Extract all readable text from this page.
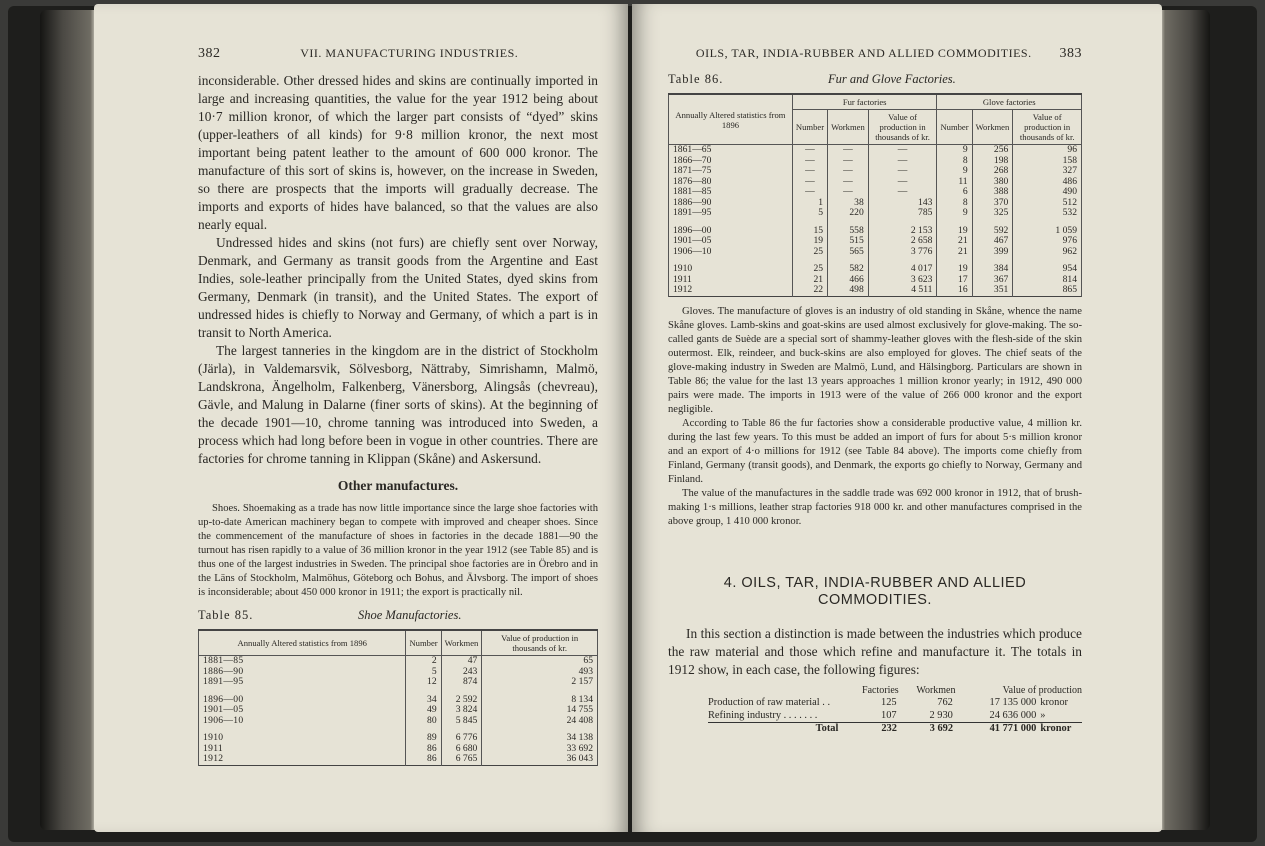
382	VII. MANUFACTURING INDUSTRIES.

inconsiderable. Other dressed hides and skins are continually imported in large and increasing quantities, the value for the year 1912 being about 10·7 million kronor, of which the larger part consists of “dyed” skins (upper-leathers of all kinds) for 9·8 million kronor, the next most important being patent leather to the amount of 600 000 kronor. The manufacture of this sort of skins is, however, on the increase in Sweden, so there are prospects that the imports will gradually decrease. The imports and exports of hides have balanced, so that the values are also nearly equal.

Undressed hides and skins (not furs) are chiefly sent over Norway, Denmark, and Germany as transit goods from the Argentine and East Indies, sole-leather principally from the United States, dyed skins from Germany, Denmark (in transit), and the United States. The export of undressed hides is chiefly to Norway and Germany, of which a part is in transit to North America.

The largest tanneries in the kingdom are in the district of Stockholm (Järla), in Valdemarsvik, Sölvesborg, Nättraby, Simrishamn, Malmö, Landskrona, Ängelholm, Falkenberg, Vänersborg, Alingsås (chevreau), Gävle, and Malung in Dalarne (finer sorts of skins). At the beginning of the decade 1901—10, chrome tanning was introduced into Sweden, a process which had long before been in vogue in other countries. There are factories for chrome tanning in Klippan (Skåne) and Askersund.

Other manufactures.

Shoes. Shoemaking as a trade has now little importance since the large shoe factories with up-to-date American machinery began to compete with improved and cheaper shoes. Since the commencement of the manufacture of shoes in factories in the decade 1881—90 the turnout has risen rapidly to a value of 36 million kronor in the year 1912 (see Table 85) and is thus one of the largest industries in Sweden. The principal shoe factories are in Örebro and in the Läns of Stockholm, Malmöhus, Göteborg och Bohus, and Älvsborg. The import of shoes is inconsiderable; about 450 000 kronor in 1911; the export is practically nil.

Table 85.	Shoe Manufactories.
Annually Altered statistics from 1896	Number	Workmen	Value of production in thousands of kr.
1881—85	2	47	65
1886—90	5	243	493
1891—95	12	874	2 157

1896—00	34	2 592	8 134
1901—05	49	3 824	14 755
1906—10	80	5 845	24 408

1910	89	6 776	34 138
1911	86	6 680	33 692
1912	86	6 765	36 043
OILS, TAR, INDIA-RUBBER AND ALLIED COMMODITIES. 383
Table 86.	Fur and Glove Factories.
Annually Altered statistics from 1896	Fur factories			Glove factories		
	Number	Workmen	Value of production in thousands of kr.	Number	Workmen	Value of production in thousands of kr.
1861—65	—	—	—	9	256	96
1866—70	—	—	—	8	198	158
1871—75	—	—	—	9	268	327
1876—80	—	—	—	11	380	486
1881—85	—	—	—	6	388	490
1886—90	1	38	143	8	370	512
1891—95	5	220	785	9	325	532

1896—00	15	558	2 153	19	592	1 059
1901—05	19	515	2 658	21	467	976
1906—10	25	565	3 776	21	399	962

1910	25	582	4 017	19	384	954
1911	21	466	3 623	17	367	814
1912	22	498	4 511	16	351	865

Gloves. The manufacture of gloves is an industry of old standing in Skåne, whence the name Skåne gloves. Lamb-skins and goat-skins are used almost exclusively for glove-making. The so-called gants de Suède are a special sort of shammy-leather gloves with the flesh-side of the skin outermost. Elk, reindeer, and buck-skins are also employed for gloves. The chief seats of the glove-making industry in Sweden are Malmö, Lund, and Hälsingborg. Particulars are shown in Table 86; the value for the last 13 years approaches 1 million kronor yearly; in 1912, 490 000 pairs were made. The imports in 1913 were of the value of 266 000 kronor and the export negligible.

According to Table 86 the fur factories show a considerable productive value, 4 million kr. during the last few years. To this must be added an import of furs for about 5·s million kronor and an export of 4·o millions for 1912 (see Table 84 above). The imports come chiefly from Finland, Germany (transit goods), and Denmark, the exports go chiefly to Norway, Germany and Finland.

The value of the manufactures in the saddle trade was 692 000 kronor in 1912, that of brush-making 1·s millions, leather strap factories 918 000 kr. and other manufactures comprised in the above group, 1 410 000 kronor.

4. OILS, TAR, INDIA-RUBBER AND ALLIED
COMMODITIES.

In this section a distinction is made between the industries which produce the raw material and those which refine and manufacture it. The totals in 1912 show, in each case, the following figures:

Factories	Workmen	Value of production
Production of raw material . .	125	762	17 135 000 kronor
Refining industry . . . . . . .	107	2 930	24 636 000 »
Total	232	3 692	41 771 000 kronor
